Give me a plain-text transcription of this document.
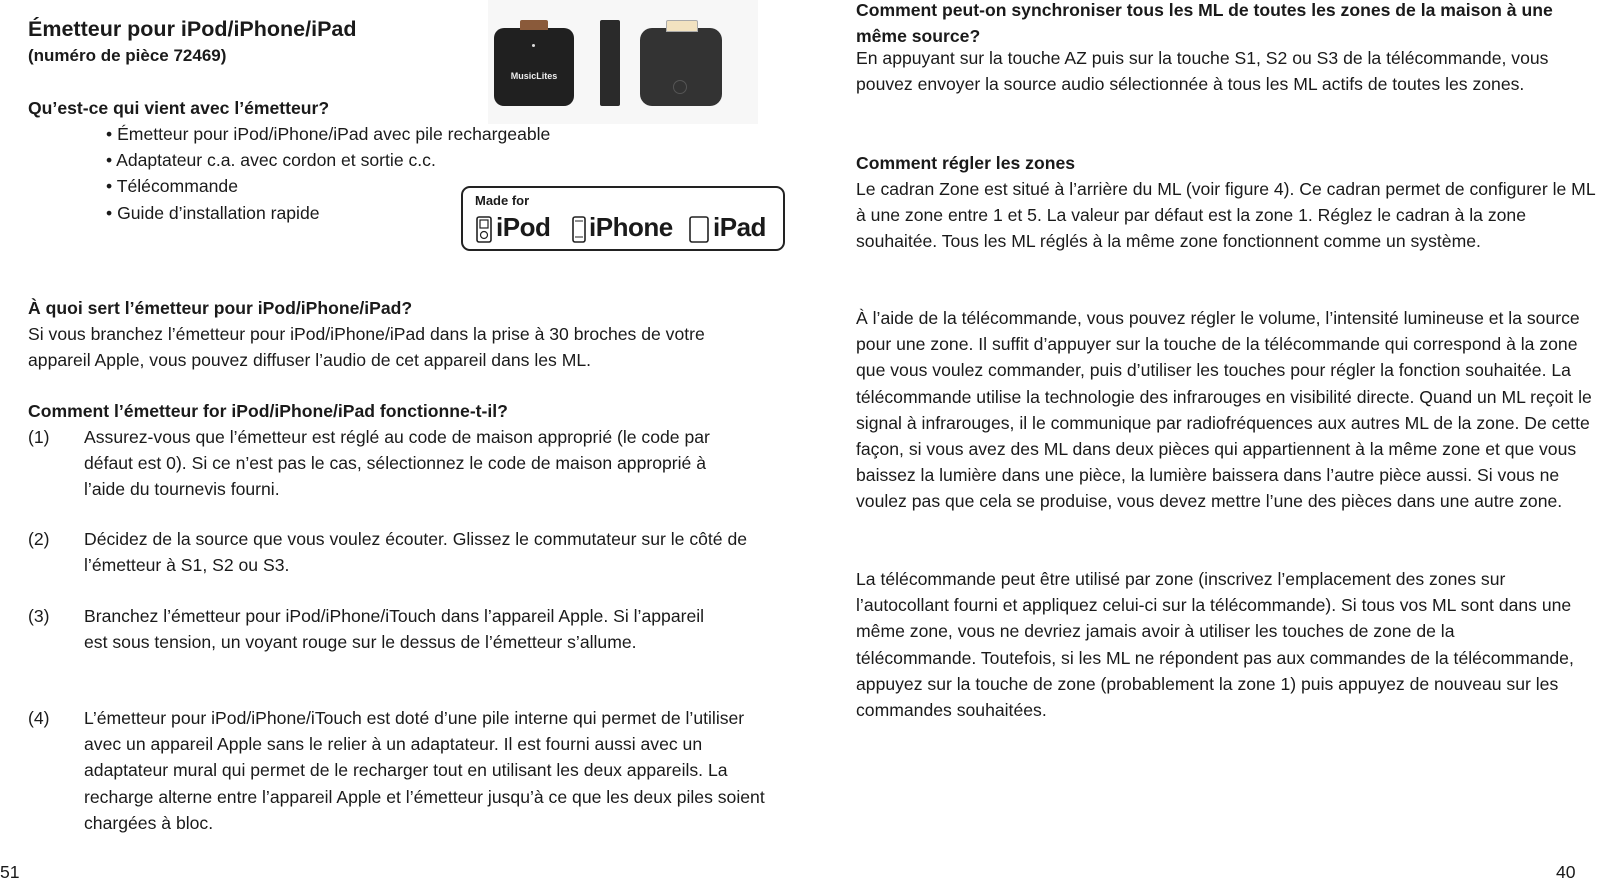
Émetteur pour iPod/iPhone/iPad
(numéro de pièce 72469)
Qu’est-ce qui vient avec l’émetteur?
• Émetteur pour iPod/iPhone/iPad avec pile rechargeable
• Adaptateur c.a. avec cordon et sortie c.c.
• Télécommande
• Guide d’installation rapide
MusicLites
Made for
iPod iPhone iPad
À quoi sert l’émetteur pour iPod/iPhone/iPad?

Si vous branchez l’émetteur pour iPod/iPhone/iPad dans la prise à 30 broches de votre appareil Apple, vous pouvez diffuser l’audio de cet appareil dans les ML.

Comment l’émetteur for iPod/iPhone/iPad fonctionne-t-il?
(1) Assurez-vous que l’émetteur est réglé au code de maison approprié (le code par défaut est 0). Si ce n’est pas le cas, sélectionnez le code de maison approprié à l’aide du tournevis fourni.

(2) Décidez de la source que vous voulez écouter. Glissez le commutateur sur le côté de l’émetteur à S1, S2 ou S3.

(3) Branchez l’émetteur pour iPod/iPhone/iTouch dans l’appareil Apple. Si l’appareil est sous tension, un voyant rouge sur le dessus de l’émetteur s’allume.

(4) L’émetteur pour iPod/iPhone/iTouch est doté d’une pile interne qui permet de l’utiliser avec un appareil Apple sans le relier à un adaptateur. Il est fourni aussi avec un adaptateur mural qui permet de le recharger tout en utilisant les deux appareils. La recharge alterne entre l’appareil Apple et l’émetteur jusqu’à ce que les deux piles soient chargées à bloc.

51
Comment peut-on synchroniser tous les ML de toutes les zones de la maison à une même source?

En appuyant sur la touche AZ puis sur la touche S1, S2 ou S3 de la télécommande, vous pouvez envoyer la source audio sélectionnée à tous les ML actifs de toutes les zones.

Comment régler les zones

Le cadran Zone est situé à l’arrière du ML (voir figure 4). Ce cadran permet de configurer le ML à une zone entre 1 et 5. La valeur par défaut est la zone 1. Réglez le cadran à la zone souhaitée. Tous les ML réglés à la même zone fonctionnent comme un système.

À l’aide de la télécommande, vous pouvez régler le volume, l’intensité lumineuse et la source pour une zone. Il suffit d’appuyer sur la touche de la télécommande qui correspond à la zone que vous voulez commander, puis d’utiliser les touches pour régler la fonction souhaitée. La télécommande utilise la technologie des infrarouges en visibilité directe. Quand un ML reçoit le signal à infrarouges, il le communique par radiofréquences aux autres ML de la zone. De cette façon, si vous avez des ML dans deux pièces qui appartiennent à la même zone et que vous baissez la lumière dans une pièce, la lumière baissera dans l’autre pièce aussi. Si vous ne voulez pas que cela se produise, vous devez mettre l’une des pièces dans une autre zone.

La télécommande peut être utilisé par zone (inscrivez l’emplacement des zones sur l’autocollant fourni et appliquez celui-ci sur la télécommande). Si tous vos ML sont dans une même zone, vous ne devriez jamais avoir à utiliser les touches de zone de la télécommande. Toutefois, si les ML ne répondent pas aux commandes de la télécommande, appuyez sur la touche de zone (probablement la zone 1) puis appuyez de nouveau sur les commandes souhaitées.

40
